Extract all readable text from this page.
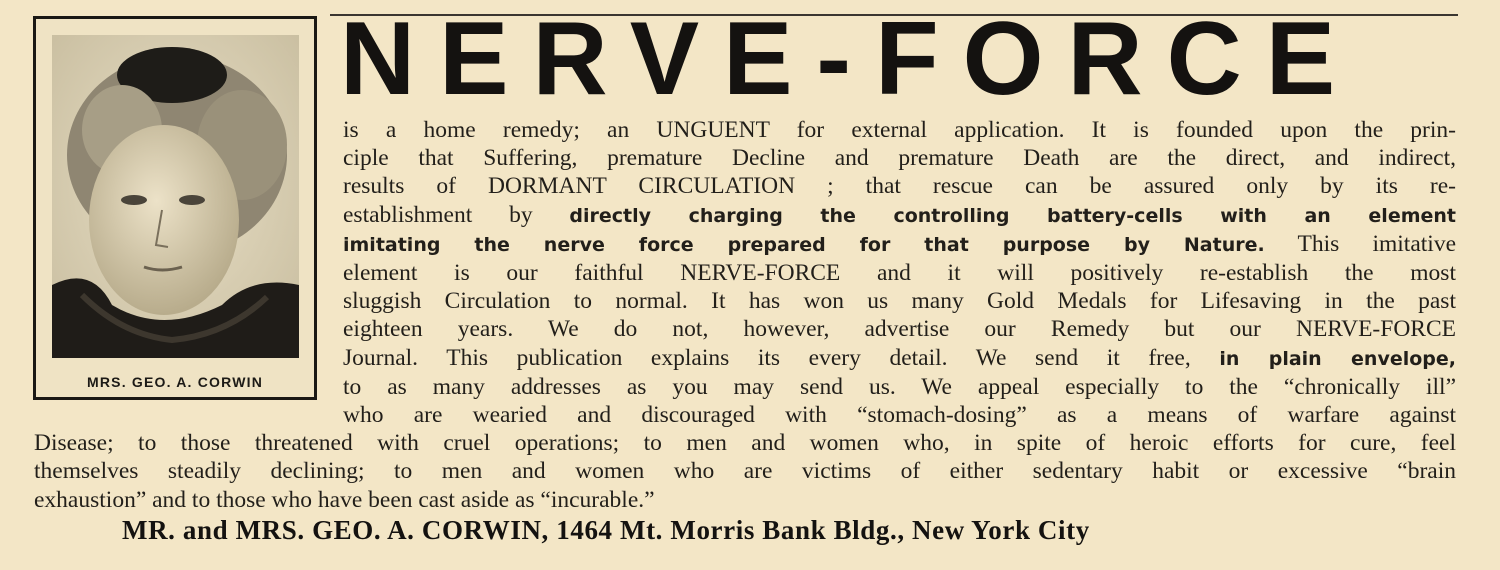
MRS. GEO. A. CORWIN
NERVE-FORCE
is a home remedy; an UNGUENT for external application. It is founded upon the prin-
ciple that Suffering, premature Decline and premature Death are the direct, and indirect,
results of DORMANT CIRCULATION ; that rescue can be assured only by its re-
establishment by directly charging the controlling battery-cells with an element
imitating the nerve force prepared for that purpose by Nature. This imitative
element is our faithful NERVE-FORCE and it will positively re-establish the most
sluggish Circulation to normal. It has won us many Gold Medals for Lifesaving in the past
eighteen years. We do not, however, advertise our Remedy but our NERVE-FORCE
Journal. This publication explains its every detail. We send it free, in plain envelope,
to as many addresses as you may send us. We appeal especially to the “chronically ill”
who are wearied and discouraged with “stomach-dosing” as a means of warfare against
Disease; to those threatened with cruel operations; to men and women who, in spite of heroic efforts for cure, feel
themselves steadily declining; to men and women who are victims of either sedentary habit or excessive “brain
exhaustion” and to those who have been cast aside as “incurable.”
MR. and MRS. GEO. A. CORWIN, 1464 Mt. Morris Bank Bldg., New York City
